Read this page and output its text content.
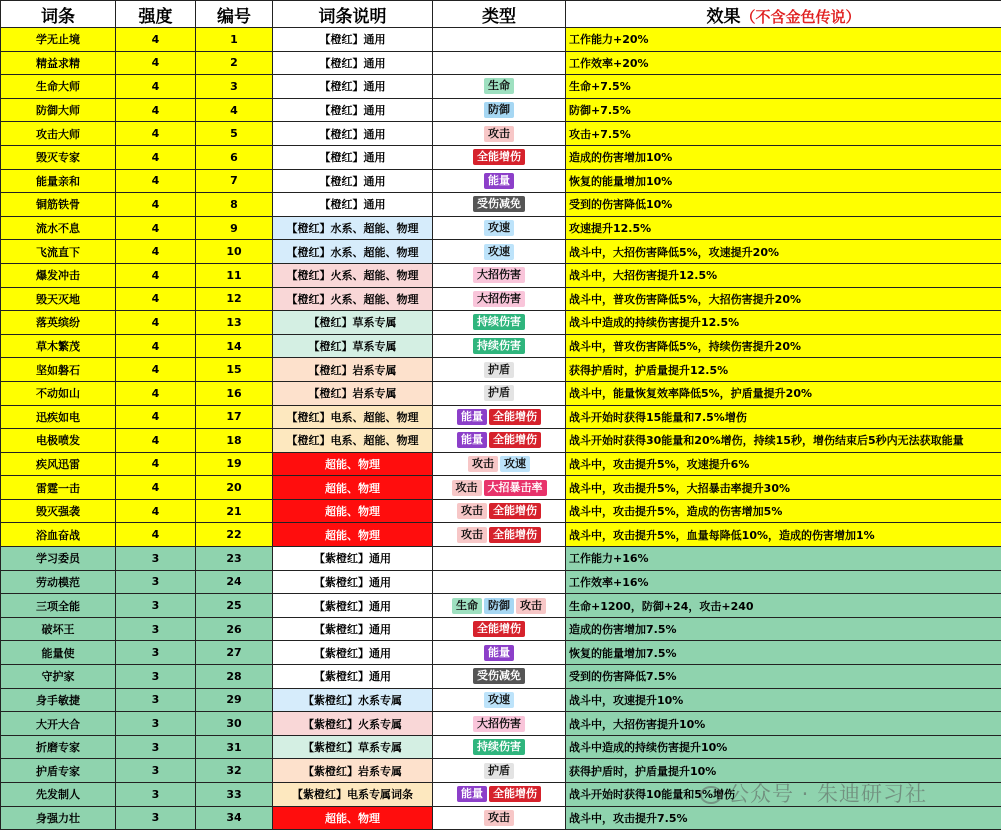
词条	强度	编号	词条说明	类型	效果（不含金色传说）
学无止境	4	1	【橙红】通用		工作能力+20%
精益求精	4	2	【橙红】通用		工作效率+20%
生命大师	4	3	【橙红】通用	生命	生命+7.5%
防御大师	4	4	【橙红】通用	防御	防御+7.5%
攻击大师	4	5	【橙红】通用	攻击	攻击+7.5%
毁灭专家	4	6	【橙红】通用	全能增伤	造成的伤害增加10%
能量亲和	4	7	【橙红】通用	能量	恢复的能量增加10%
铜筋铁骨	4	8	【橙红】通用	受伤减免	受到的伤害降低10%
流水不息	4	9	【橙红】水系、超能、物理	攻速	攻速提升12.5%
飞流直下	4	10	【橙红】水系、超能、物理	攻速	战斗中，大招伤害降低5%，攻速提升20%
爆发冲击	4	11	【橙红】火系、超能、物理	大招伤害	战斗中，大招伤害提升12.5%
毁天灭地	4	12	【橙红】火系、超能、物理	大招伤害	战斗中，普攻伤害降低5%，大招伤害提升20%
落英缤纷	4	13	【橙红】草系专属	持续伤害	战斗中造成的持续伤害提升12.5%
草木繁茂	4	14	【橙红】草系专属	持续伤害	战斗中，普攻伤害降低5%，持续伤害提升20%
坚如磐石	4	15	【橙红】岩系专属	护盾	获得护盾时，护盾量提升12.5%
不动如山	4	16	【橙红】岩系专属	护盾	战斗中，能量恢复效率降低5%，护盾量提升20%
迅疾如电	4	17	【橙红】电系、超能、物理	能量 全能增伤	战斗开始时获得15能量和7.5%增伤
电极喷发	4	18	【橙红】电系、超能、物理	能量 全能增伤	战斗开始时获得30能量和20%增伤，持续15秒，增伤结束后5秒内无法获取能量
疾风迅雷	4	19	超能、物理	攻击 攻速	战斗中，攻击提升5%，攻速提升6%
雷霆一击	4	20	超能、物理	攻击 大招暴击率	战斗中，攻击提升5%，大招暴击率提升30%
毁灭强袭	4	21	超能、物理	攻击 全能增伤	战斗中，攻击提升5%，造成的伤害增加5%
浴血奋战	4	22	超能、物理	攻击 全能增伤	战斗中，攻击提升5%，血量每降低10%，造成的伤害增加1%
学习委员	3	23	【紫橙红】通用		工作能力+16%
劳动模范	3	24	【紫橙红】通用		工作效率+16%
三项全能	3	25	【紫橙红】通用	生命 防御 攻击	生命+1200，防御+24，攻击+240
破坏王	3	26	【紫橙红】通用	全能增伤	造成的伤害增加7.5%
能量使	3	27	【紫橙红】通用	能量	恢复的能量增加7.5%
守护家	3	28	【紫橙红】通用	受伤减免	受到的伤害降低7.5%
身手敏捷	3	29	【紫橙红】水系专属	攻速	战斗中，攻速提升10%
大开大合	3	30	【紫橙红】火系专属	大招伤害	战斗中，大招伤害提升10%
折磨专家	3	31	【紫橙红】草系专属	持续伤害	战斗中造成的持续伤害提升10%
护盾专家	3	32	【紫橙红】岩系专属	护盾	获得护盾时，护盾量提升10%
先发制人	3	33	【紫橙红】电系专属词条	能量 全能增伤	战斗开始时获得10能量和5%增伤
身强力壮	3	34	超能、物理	攻击	战斗中，攻击提升7.5%
公众号 · 朱迪研习社
